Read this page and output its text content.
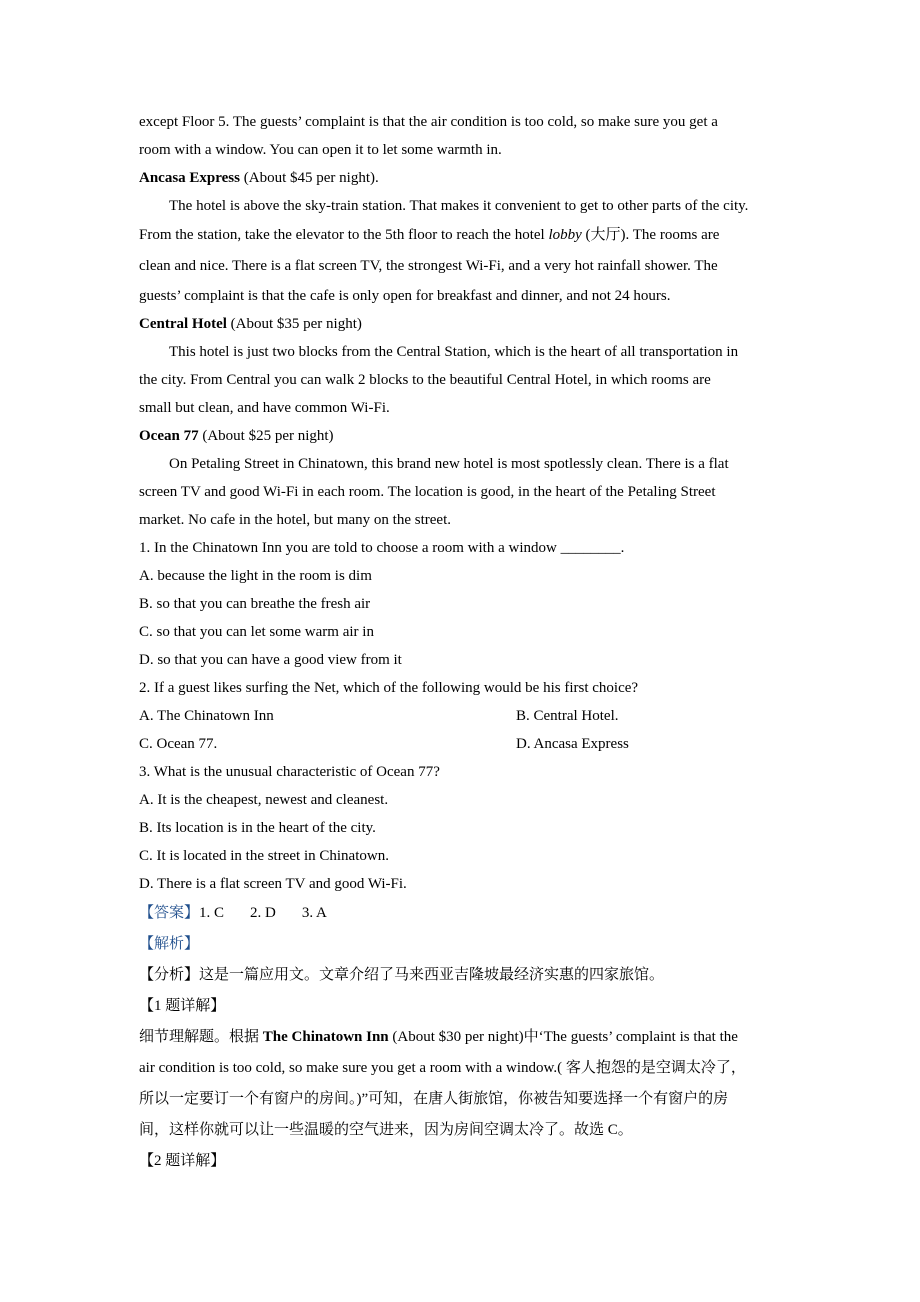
except Floor 5. The guests’ complaint is that the air condition is too cold, so make sure you get a
room with a window. You can open it to let some warmth in.
Ancasa Express (About $45 per night).
The hotel is above the sky-train station. That makes it convenient to get to other parts of the city.
From the station, take the elevator to the 5th floor to reach the hotel lobby (大厅). The rooms are
clean and nice. There is a flat screen TV, the strongest Wi-Fi, and a very hot rainfall shower. The
guests’ complaint is that the cafe is only open for breakfast and dinner, and not 24 hours.
Central Hotel (About $35 per night)
This hotel is just two blocks from the Central Station, which is the heart of all transportation in
the city. From Central you can walk 2 blocks to the beautiful Central Hotel, in which rooms are
small but clean, and have common Wi-Fi.
Ocean 77 (About $25 per night)
On Petaling Street in Chinatown, this brand new hotel is most spotlessly clean. There is a flat
screen TV and good Wi-Fi in each room. The location is good, in the heart of the Petaling Street
market. No cafe in the hotel, but many on the street.
1. In the Chinatown Inn you are told to choose a room with a window ________.
A. because the light in the room is dim
B. so that you can breathe the fresh air
C. so that you can let some warm air in
D. so that you can have a good view from it
2. If a guest likes surfing the Net, which of the following would be his first choice?
A. The Chinatown Inn	B. Central Hotel.
C. Ocean 77.	D. Ancasa Express
3. What is the unusual characteristic of Ocean 77?
A. It is the cheapest, newest and cleanest.
B. Its location is in the heart of the city.
C. It is located in the street in Chinatown.
D. There is a flat screen TV and good Wi-Fi.
【答案】1. C 2. D 3. A
【解析】
【分析】这是一篇应用文。文章介绍了马来西亚吉隆坡最经济实惠的四家旅馆。
【1 题详解】
细节理解题。根据 The Chinatown Inn (About $30 per night)中‘The guests’ complaint is that the
air condition is too cold, so make sure you get a room with a window.( 客人抱怨的是空调太冷了，
所以一定要订一个有窗户的房间。)”可知，在唐人街旅馆，你被告知要选择一个有窗户的房
间，这样你就可以让一些温暖的空气进来，因为房间空调太冷了。故选 C。
【2 题详解】
